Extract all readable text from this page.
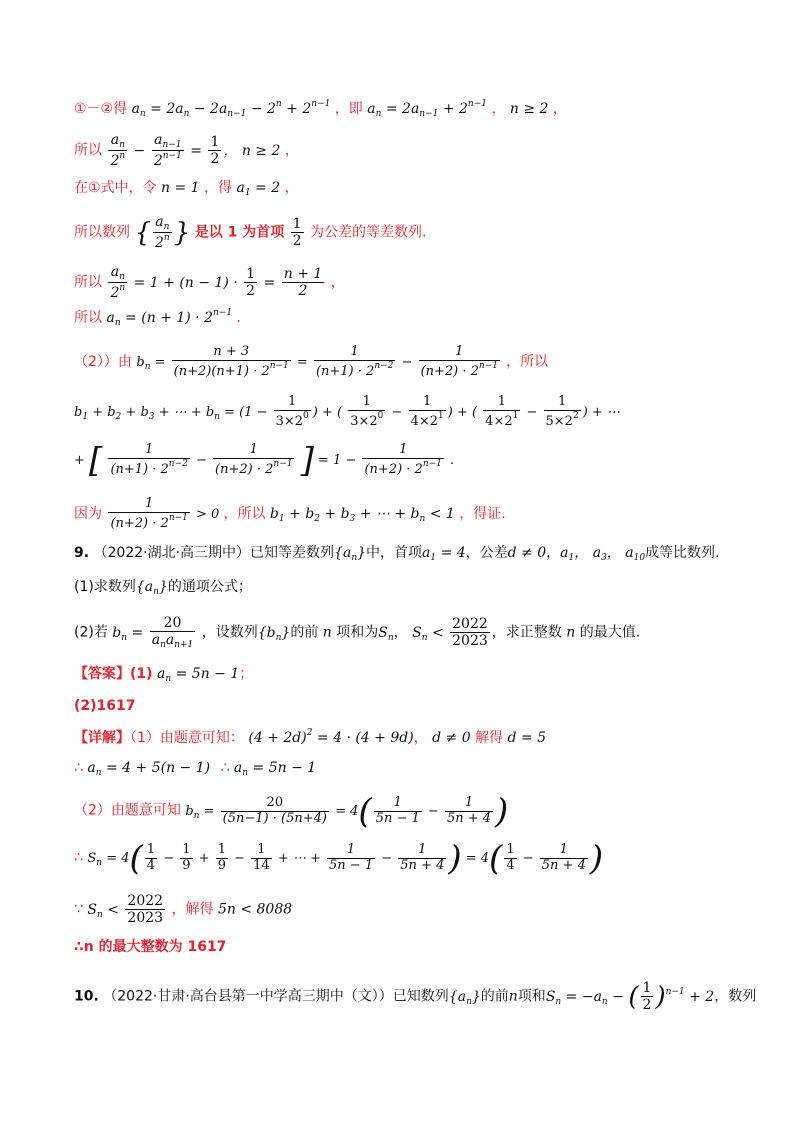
①－②得 $a_n = 2a_n - 2a_{n-1} - 2^n + 2^{n-1}$ ，即 $a_n = 2a_{n-1} + 2^{n-1}$ ， n ≥ 2 ，
所以 $\frac{a_n}{2^n} - \frac{a_{n-1}}{2^{n-1}} = \frac{1}{2}$ ， n ≥ 2 ，
在①式中，令 n = 1 ，得 $a_1 = 2$ ，
所以数列 { $\frac{a_n}{2^n}$ } 是以 1 为首项 $\frac{1}{2}$ 为公差的等差数列.
所以 $\frac{a_n}{2^n} = 1 + (n - 1) \cdot \frac{1}{2} = \frac{n + 1}{2}$ ，
所以 $a_n = (n + 1) \cdot 2^{n-1}$ .
（2））由 $b_n = \frac{n + 3}{(n+2)(n+1) \cdot 2^{n-1}} = \frac{1}{(n+1) \cdot 2^{n-2}} - \frac{1}{(n+2) \cdot 2^{n-1}}$ ，所以
$b_1 + b_2 + b_3$ + ⋯ + $b_n = (1 - \frac{1}{3\times 2^0}$ ) + ( $\frac{1}{3\times 2^0} - \frac{1}{4\times 2^1}$ ) + ( $\frac{1}{4\times 2^1} - \frac{1}{5\times 2^2}$ ) + ⋯
+ [ $\frac{1}{(n+1) \cdot 2^{n-2}} - \frac{1}{(n+2) \cdot 2^{n-1}}$ ] = $1 - \frac{1}{(n+2) \cdot 2^{n-1}}$ .
因为 $\frac{1}{(n+2) \cdot 2^{n-1}} > 0$ ，所以 $b_1 + b_2 + b_3$ + ⋯ + $b_n < 1$ ，得证.
9. （2022·湖北·高三期中）已知等差数列$\{a_n\}$中，首项$a_1 = 4$，公差d ≠ 0，$a_1$， $a_3$， $a_{10}$成等比数列.
(1)求数列$\{a_n\}$的通项公式；
(2)若 $b_n = \frac{20}{a_na_{n+1}}$ ，设数列$\{b_n\}$的前 n 项和为$S_n$， $S_n < \frac{2022}{2023}$ ，求正整数 n 的最大值.
【答案】(1) $a_n = 5n - 1$；
(2)1617
【详解】（1）由题意可知： $(4 + 2d)^2 = 4 \cdot (4 + 9d)$， d ≠ 0 解得 d = 5
∴ $a_n = 4 + 5(n - 1)$ ∴ $a_n = 5n - 1$
（2）由题意可知 $b_n = \frac{20}{(5n-1) \cdot (5n+4)} = 4( \frac{1}{5n - 1} - \frac{1}{5n + 4}$ )
∴ $S_n = 4( \frac{1}{4} - \frac{1}{9} + \frac{1}{9} - \frac{1}{14}$ + ⋯ + $\frac{1}{5n - 1} - \frac{1}{5n + 4}$ ) = $4( \frac{1}{4} - \frac{1}{5n + 4}$ )
∵ $S_n < \frac{2022}{2023}$ ，解得 5n < 8088
∴n 的最大整数为 1617
10. （2022·甘肃·高台县第一中学高三期中（文））已知数列$\{a_n\}$的前n项和$S_n = -a_n$ − ( $\frac{1}{2} )^{n-1} + 2$，数列
